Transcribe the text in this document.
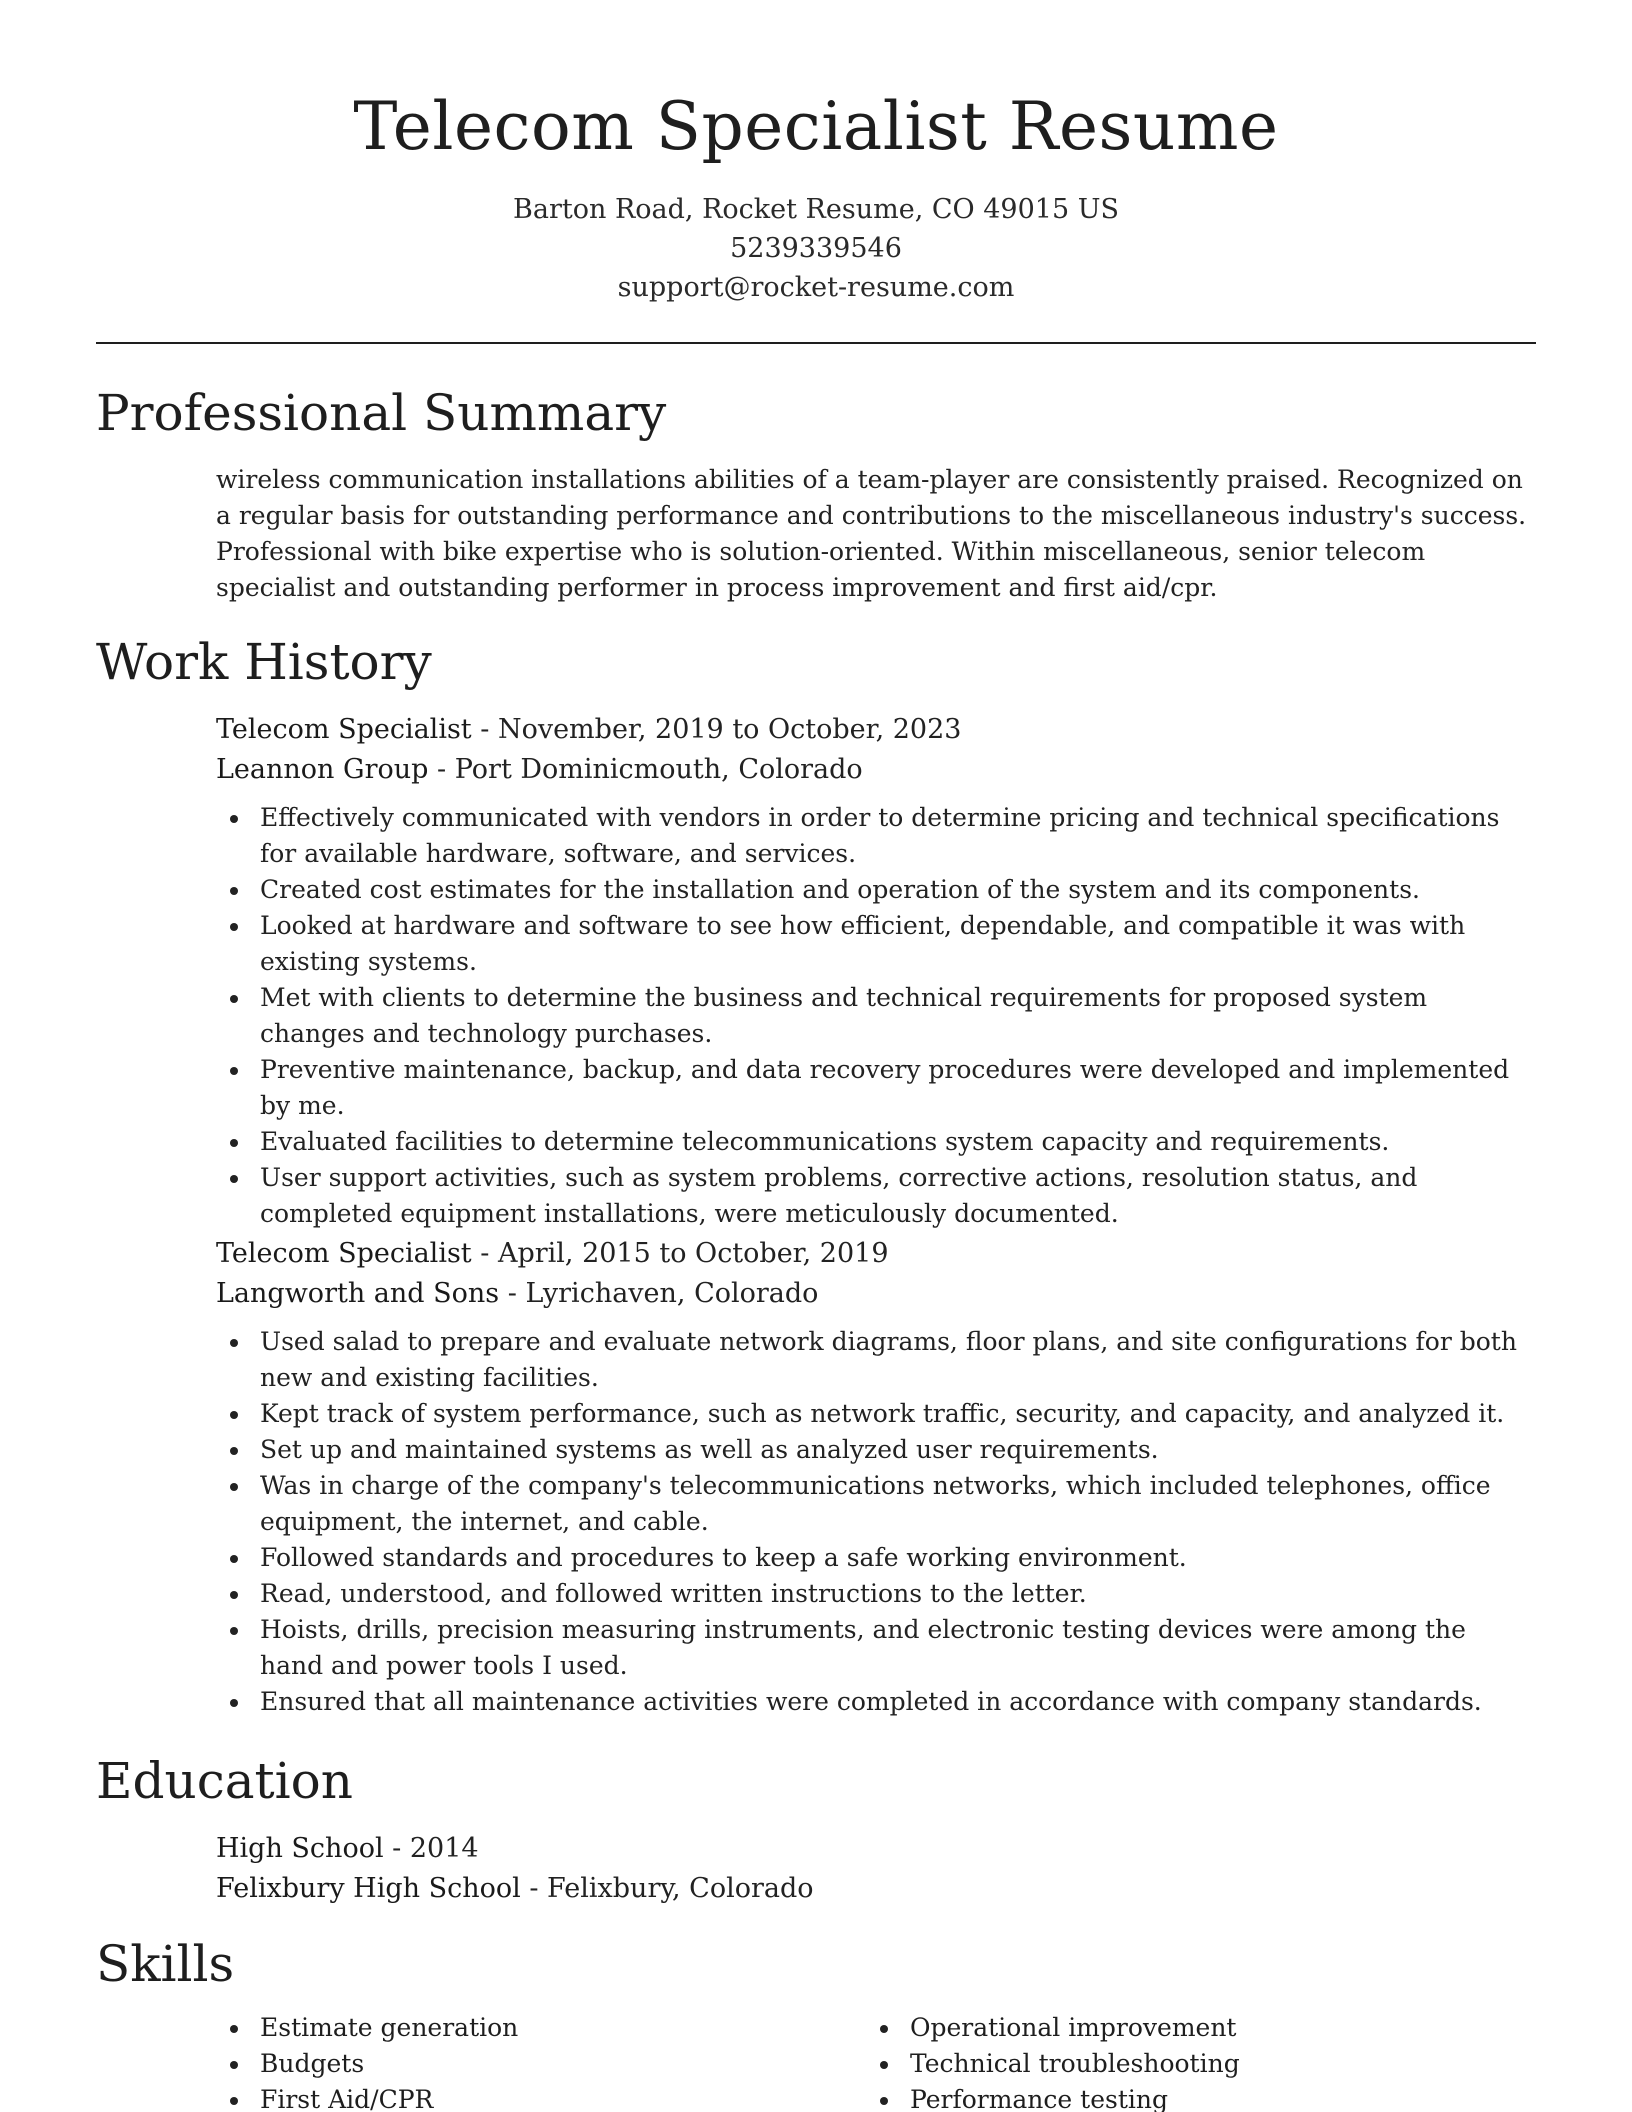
Telecom Specialist Resume
Barton Road, Rocket Resume, CO 49015 US
5239339546
support@rocket-resume.com
Professional Summary

wireless communication installations abilities of a team-player are consistently praised. Recognized on a regular basis for outstanding performance and contributions to the miscellaneous industry's success. Professional with bike expertise who is solution-oriented. Within miscellaneous, senior telecom specialist and outstanding performer in process improvement and first aid/cpr.

Work History
Telecom Specialist - November, 2019 to October, 2023
Leannon Group - Port Dominicmouth, Colorado
Effectively communicated with vendors in order to determine pricing and technical specifications for available hardware, software, and services.
Created cost estimates for the installation and operation of the system and its components.
Looked at hardware and software to see how efficient, dependable, and compatible it was with existing systems.
Met with clients to determine the business and technical requirements for proposed system changes and technology purchases.
Preventive maintenance, backup, and data recovery procedures were developed and implemented by me.
Evaluated facilities to determine telecommunications system capacity and requirements.
User support activities, such as system problems, corrective actions, resolution status, and completed equipment installations, were meticulously documented.
Telecom Specialist - April, 2015 to October, 2019
Langworth and Sons - Lyrichaven, Colorado
Used salad to prepare and evaluate network diagrams, floor plans, and site configurations for both new and existing facilities.
Kept track of system performance, such as network traffic, security, and capacity, and analyzed it.
Set up and maintained systems as well as analyzed user requirements.
Was in charge of the company's telecommunications networks, which included telephones, office equipment, the internet, and cable.
Followed standards and procedures to keep a safe working environment.
Read, understood, and followed written instructions to the letter.
Hoists, drills, precision measuring instruments, and electronic testing devices were among the hand and power tools I used.
Ensured that all maintenance activities were completed in accordance with company standards.
Education
High School - 2014
Felixbury High School - Felixbury, Colorado
Skills
Estimate generation
Budgets
First Aid/CPR
Operational improvement
Technical troubleshooting
Performance testing
